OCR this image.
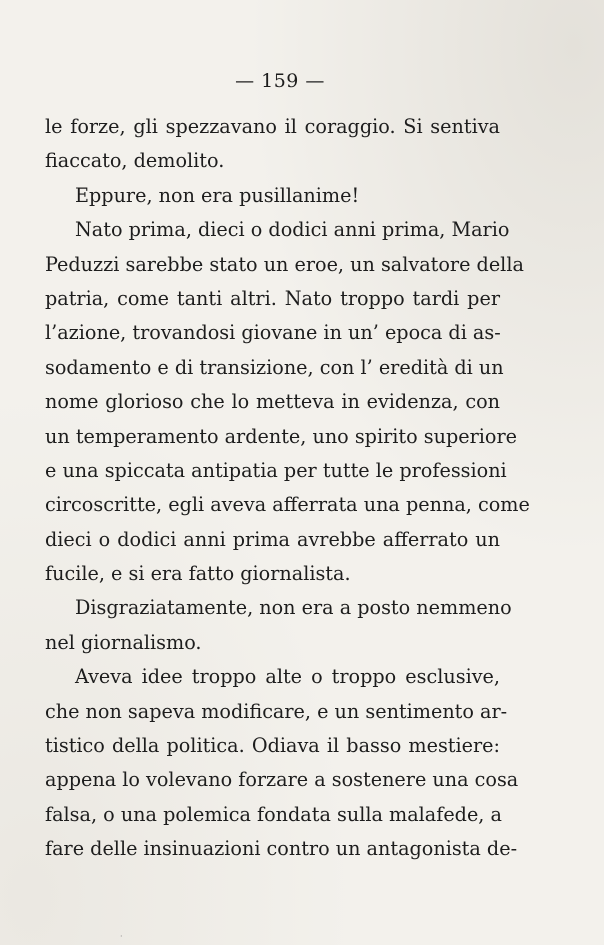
— 159 —
le forze, gli spezzavano il coraggio. Si sentiva
fiaccato, demolito.
Eppure, non era pusillanime!
Nato prima, dieci o dodici anni prima, Mario
Peduzzi sarebbe stato un eroe, un salvatore della
patria, come tanti altri. Nato troppo tardi per
l’azione, trovandosi giovane in un’ epoca di as-
sodamento e di transizione, con l’ eredità di un
nome glorioso che lo metteva in evidenza, con
un temperamento ardente, uno spirito superiore
e una spiccata antipatia per tutte le professioni
circoscritte, egli aveva afferrata una penna, come
dieci o dodici anni prima avrebbe afferrato un
fucile, e si era fatto giornalista.
Disgraziatamente, non era a posto nemmeno
nel giornalismo.
Aveva idee troppo alte o troppo esclusive,
che non sapeva modificare, e un sentimento ar-
tistico della politica. Odiava il basso mestiere:
appena lo volevano forzare a sostenere una cosa
falsa, o una polemica fondata sulla malafede, a
fare delle insinuazioni contro un antagonista de-
·
